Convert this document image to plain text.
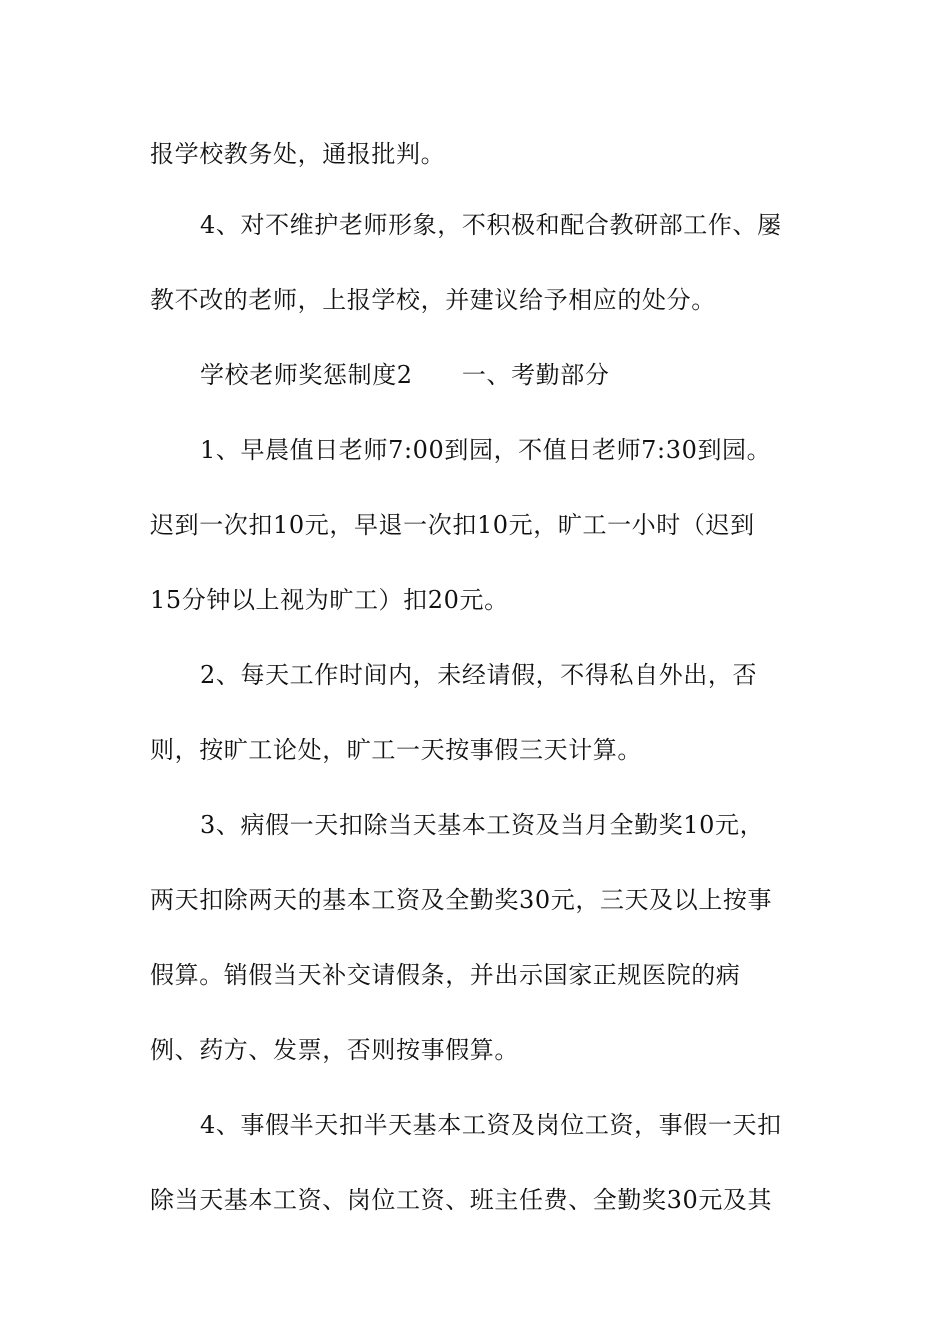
报学校教务处，通报批判。
4、对不维护老师形象，不积极和配合教研部工作、屡
教不改的老师，上报学校，并建议给予相应的处分。
学校老师奖惩制度2　　一、考勤部分
1、早晨值日老师7:00到园，不值日老师7:30到园。
迟到一次扣10元，早退一次扣10元，旷工一小时（迟到
15分钟以上视为旷工）扣20元。
2、每天工作时间内，未经请假，不得私自外出，否
则，按旷工论处，旷工一天按事假三天计算。
3、病假一天扣除当天基本工资及当月全勤奖10元，
两天扣除两天的基本工资及全勤奖30元，三天及以上按事
假算。销假当天补交请假条，并出示国家正规医院的病
例、药方、发票，否则按事假算。
4、事假半天扣半天基本工资及岗位工资，事假一天扣
除当天基本工资、岗位工资、班主任费、全勤奖30元及其
